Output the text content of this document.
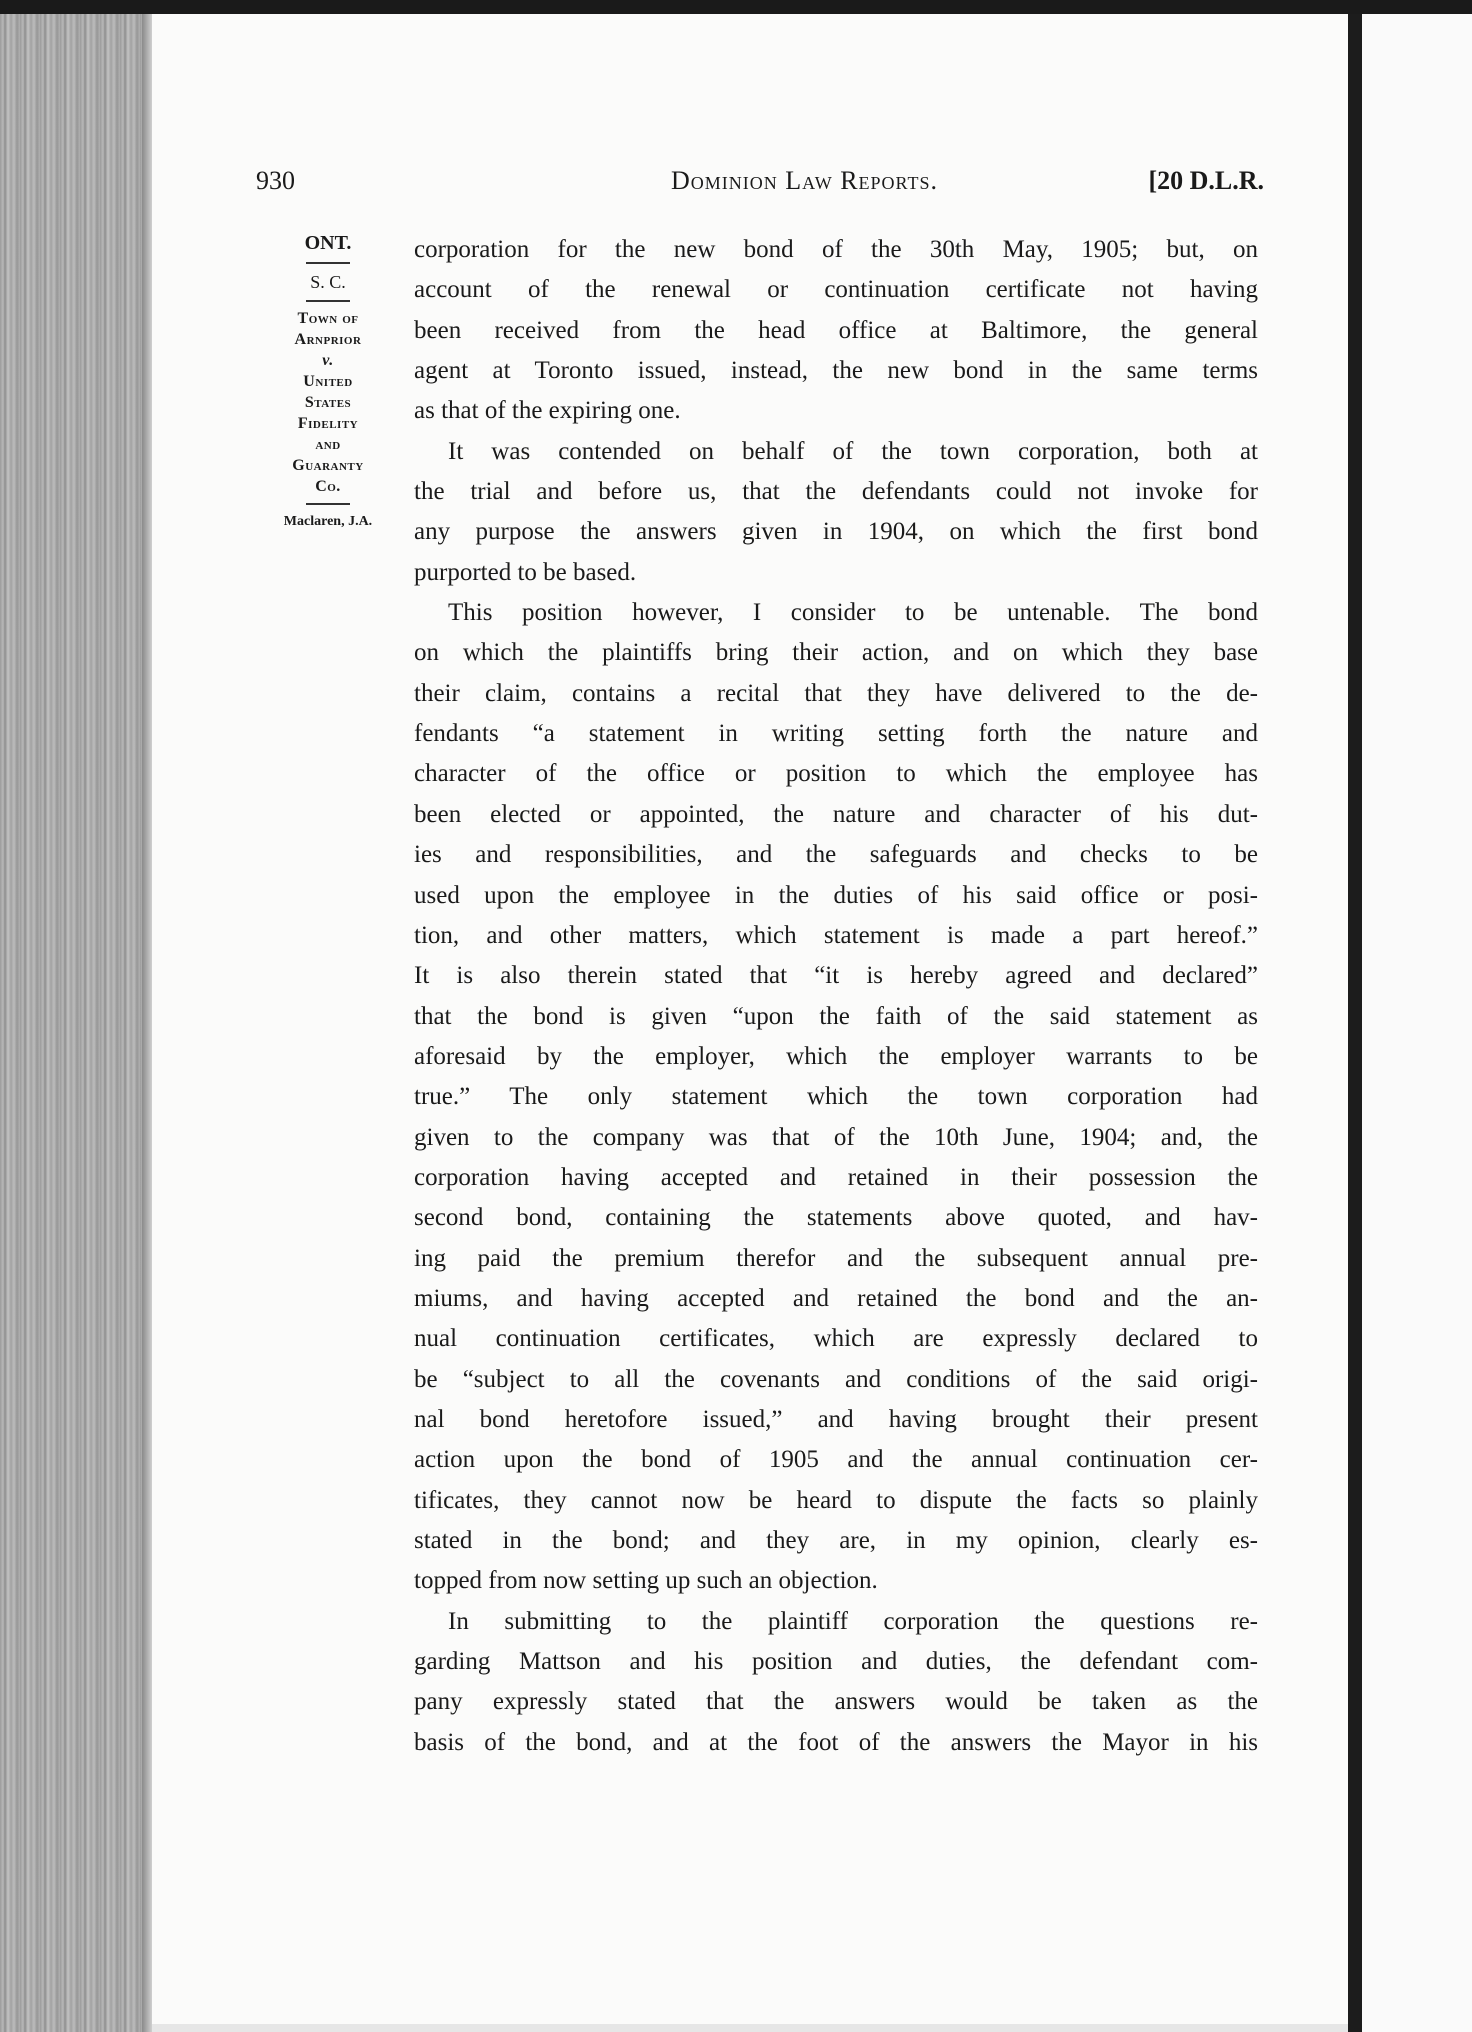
930	Dominion Law Reports.	[20 D.L.R.
ONT.
S. C.
Town of
Arnprior
v.
United
States
Fidelity
and
Guaranty
Co.
Maclaren, J.A.
corporation for the new bond of the 30th May, 1905; but, on
account of the renewal or continuation certificate not having
been received from the head office at Baltimore, the general
agent at Toronto issued, instead, the new bond in the same terms
as that of the expiring one.
It was contended on behalf of the town corporation, both at
the trial and before us, that the defendants could not invoke for
any purpose the answers given in 1904, on which the first bond
purported to be based.
This position however, I consider to be untenable. The bond
on which the plaintiffs bring their action, and on which they base
their claim, contains a recital that they have delivered to the de-
fendants “a statement in writing setting forth the nature and
character of the office or position to which the employee has
been elected or appointed, the nature and character of his dut-
ies and responsibilities, and the safeguards and checks to be
used upon the employee in the duties of his said office or posi-
tion, and other matters, which statement is made a part hereof.”
It is also therein stated that “it is hereby agreed and declared”
that the bond is given “upon the faith of the said statement as
aforesaid by the employer, which the employer warrants to be
true.” The only statement which the town corporation had
given to the company was that of the 10th June, 1904; and, the
corporation having accepted and retained in their possession the
second bond, containing the statements above quoted, and hav-
ing paid the premium therefor and the subsequent annual pre-
miums, and having accepted and retained the bond and the an-
nual continuation certificates, which are expressly declared to
be “subject to all the covenants and conditions of the said origi-
nal bond heretofore issued,” and having brought their present
action upon the bond of 1905 and the annual continuation cer-
tificates, they cannot now be heard to dispute the facts so plainly
stated in the bond; and they are, in my opinion, clearly es-
topped from now setting up such an objection.
In submitting to the plaintiff corporation the questions re-
garding Mattson and his position and duties, the defendant com-
pany expressly stated that the answers would be taken as the
basis of the bond, and at the foot of the answers the Mayor in his
